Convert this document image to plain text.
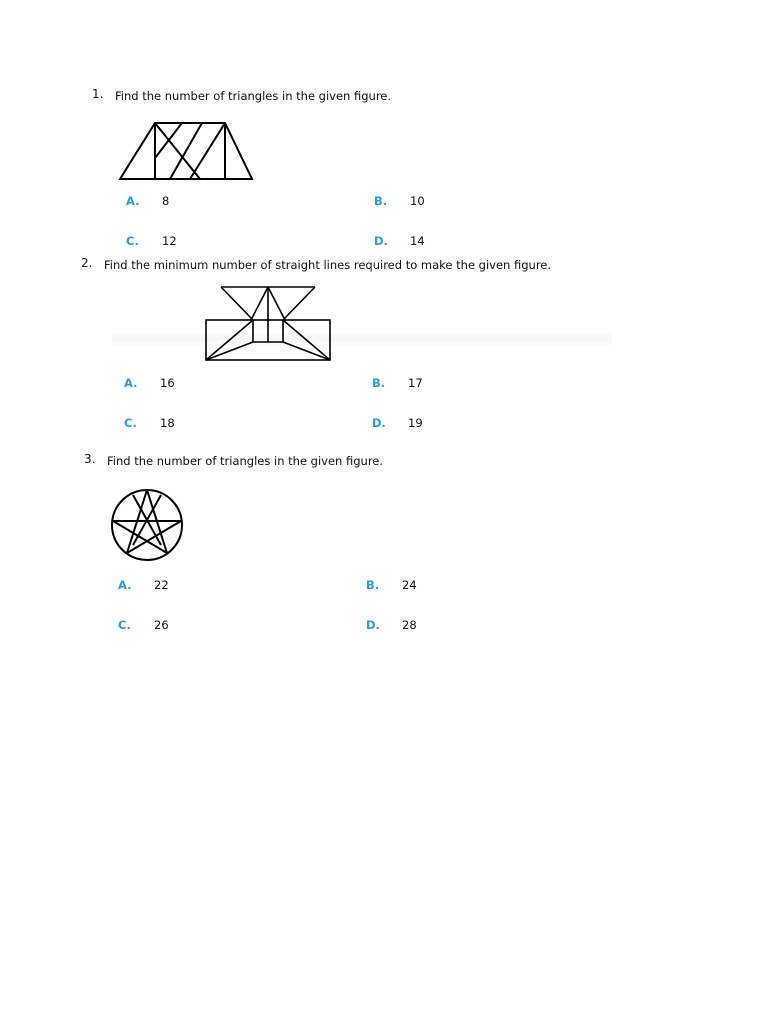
1. Find the number of triangles in the given figure.
A. 8	B. 10
C. 12	D. 14
2. Find the minimum number of straight lines required to make the given figure.
A. 16	B. 17
C. 18	D. 19
3. Find the number of triangles in the given figure.
A. 22	B. 24
C. 26	D. 28
